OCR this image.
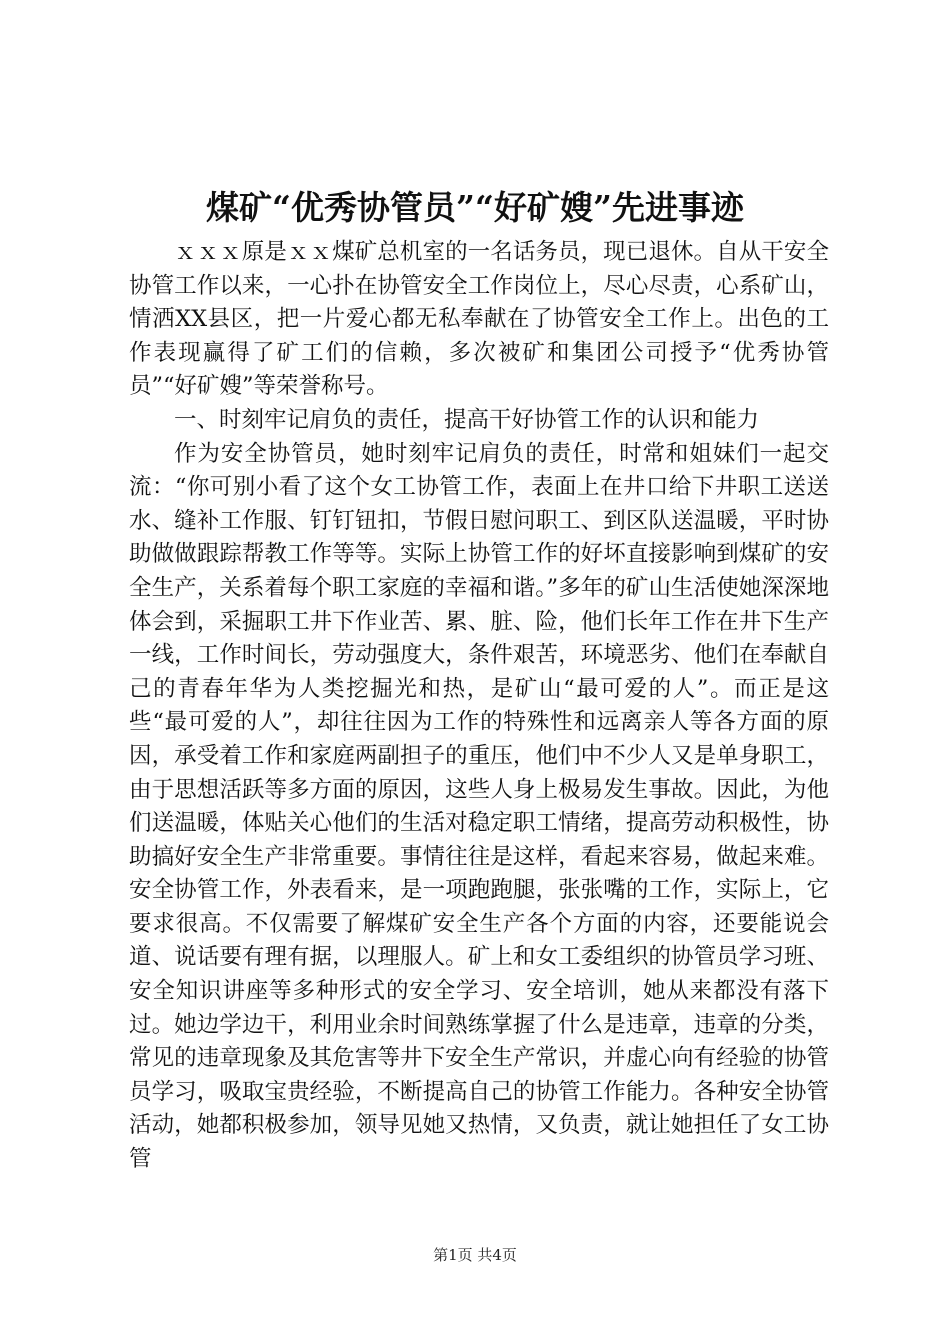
煤矿“优秀协管员”“好矿嫂”先进事迹

ｘｘｘ原是ｘｘ煤矿总机室的一名话务员，现已退休。自从干安全协管工作以来，一心扑在协管安全工作岗位上，尽心尽责，心系矿山，情洒XX县区，把一片爱心都无私奉献在了协管安全工作上。出色的工作表现赢得了矿工们的信赖，多次被矿和集团公司授予“优秀协管员”“好矿嫂”等荣誉称号。

一、时刻牢记肩负的责任，提高干好协管工作的认识和能力

作为安全协管员，她时刻牢记肩负的责任，时常和姐妹们一起交流：“你可别小看了这个女工协管工作，表面上在井口给下井职工送送水、缝补工作服、钉钉钮扣，节假日慰问职工、到区队送温暖，平时协助做做跟踪帮教工作等等。实际上协管工作的好坏直接影响到煤矿的安全生产，关系着每个职工家庭的幸福和谐。”多年的矿山生活使她深深地体会到，采掘职工井下作业苦、累、脏、险，他们长年工作在井下生产一线，工作时间长，劳动强度大，条件艰苦，环境恶劣、他们在奉献自己的青春年华为人类挖掘光和热，是矿山“最可爱的人”。而正是这些“最可爱的人”，却往往因为工作的特殊性和远离亲人等各方面的原因，承受着工作和家庭两副担子的重压，他们中不少人又是单身职工，由于思想活跃等多方面的原因，这些人身上极易发生事故。因此，为他们送温暖，体贴关心他们的生活对稳定职工情绪，提高劳动积极性，协助搞好安全生产非常重要。事情往往是这样，看起来容易，做起来难。安全协管工作，外表看来，是一项跑跑腿，张张嘴的工作，实际上，它要求很高。不仅需要了解煤矿安全生产各个方面的内容，还要能说会道、说话要有理有据，以理服人。矿上和女工委组织的协管员学习班、安全知识讲座等多种形式的安全学习、安全培训，她从来都没有落下过。她边学边干，利用业余时间熟练掌握了什么是违章，违章的分类，常见的违章现象及其危害等井下安全生产常识，并虚心向有经验的协管员学习，吸取宝贵经验，不断提高自己的协管工作能力。各种安全协管活动，她都积极参加，领导见她又热情，又负责，就让她担任了女工协管

第1页 共4页
